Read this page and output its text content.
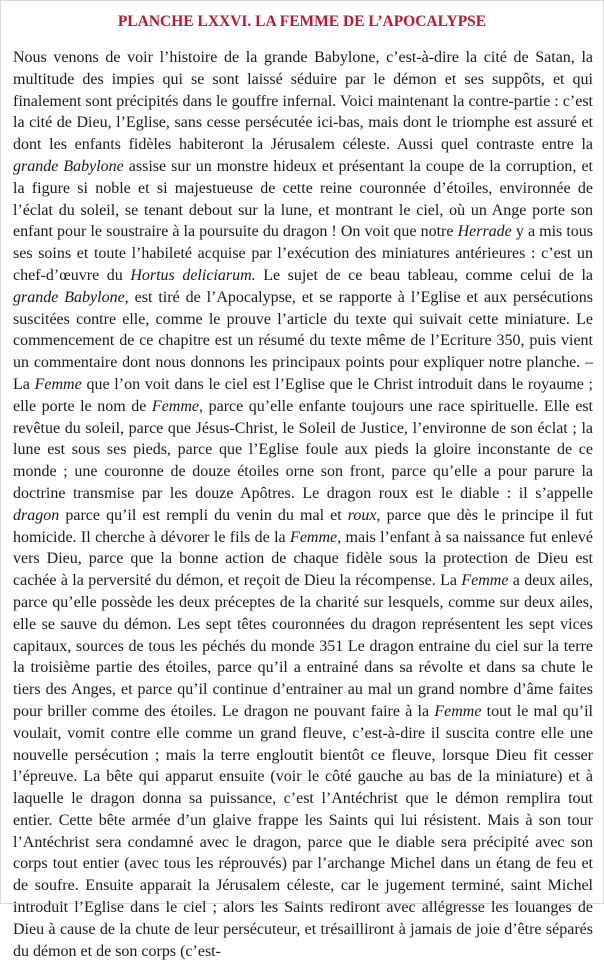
PLANCHE LXXVI. LA FEMME DE L’APOCALYPSE

Nous venons de voir l’histoire de la grande Babylone, c’est-à-dire la cité de Satan, la multitude des impies qui se sont laissé séduire par le démon et ses suppôts, et qui finalement sont précipités dans le gouffre infernal. Voici maintenant la contre-partie : c’est la cité de Dieu, l’Eglise, sans cesse persécutée ici-bas, mais dont le triomphe est assuré et dont les enfants fidèles habiteront la Jérusalem céleste. Aussi quel contraste entre la grande Babylone assise sur un monstre hideux et présentant la coupe de la corruption, et la figure si noble et si majestueuse de cette reine couronnée d’étoiles, environnée de l’éclat du soleil, se tenant debout sur la lune, et montrant le ciel, où un Ange porte son enfant pour le soustraire à la poursuite du dragon ! On voit que notre Herrade y a mis tous ses soins et toute l’habileté acquise par l’exécution des miniatures antérieures : c’est un chef-d’œuvre du Hortus deliciarum. Le sujet de ce beau tableau, comme celui de la grande Babylone, est tiré de l’Apocalypse, et se rapporte à l’Eglise et aux persécutions suscitées contre elle, comme le prouve l’article du texte qui suivait cette miniature. Le commencement de ce chapitre est un résumé du texte même de l’Ecriture 350, puis vient un commentaire dont nous donnons les principaux points pour expliquer notre planche. – La Femme que l’on voit dans le ciel est l’Eglise que le Christ introduit dans le royaume ; elle porte le nom de Femme, parce qu’elle enfante toujours une race spirituelle. Elle est revêtue du soleil, parce que Jésus-Christ, le Soleil de Justice, l’environne de son éclat ; la lune est sous ses pieds, parce que l’Eglise foule aux pieds la gloire inconstante de ce monde ; une couronne de douze étoiles orne son front, parce qu’elle a pour parure la doctrine transmise par les douze Apôtres. Le dragon roux est le diable : il s’appelle dragon parce qu’il est rempli du venin du mal et roux, parce que dès le principe il fut homicide. Il cherche à dévorer le fils de la Femme, mais l’enfant à sa naissance fut enlevé vers Dieu, parce que la bonne action de chaque fidèle sous la protection de Dieu est cachée à la perversité du démon, et reçoit de Dieu la récompense. La Femme a deux ailes, parce qu’elle possède les deux préceptes de la charité sur lesquels, comme sur deux ailes, elle se sauve du démon. Les sept têtes couronnées du dragon représentent les sept vices capitaux, sources de tous les péchés du monde 351 Le dragon entraine du ciel sur la terre la troisième partie des étoiles, parce qu’il a entrainé dans sa révolte et dans sa chute le tiers des Anges, et parce qu’il continue d’entrainer au mal un grand nombre d’âme faites pour briller comme des étoiles. Le dragon ne pouvant faire à la Femme tout le mal qu’il voulait, vomit contre elle comme un grand fleuve, c’est-à-dire il suscita contre elle une nouvelle persécution ; mais la terre engloutit bientôt ce fleuve, lorsque Dieu fit cesser l’épreuve. La bête qui apparut ensuite (voir le côté gauche au bas de la miniature) et à laquelle le dragon donna sa puissance, c’est l’Antéchrist que le démon remplira tout entier. Cette bête armée d’un glaive frappe les Saints qui lui résistent. Mais à son tour l’Antéchrist sera condamné avec le dragon, parce que le diable sera précipité avec son corps tout entier (avec tous les réprouvés) par l’archange Michel dans un étang de feu et de soufre. Ensuite apparait la Jérusalem céleste, car le jugement terminé, saint Michel introduit l’Eglise dans le ciel ; alors les Saints rediront avec allégresse les louanges de Dieu à cause de la chute de leur persécuteur, et trésailliront à jamais de joie d’être séparés du démon et de son corps (c’est-
